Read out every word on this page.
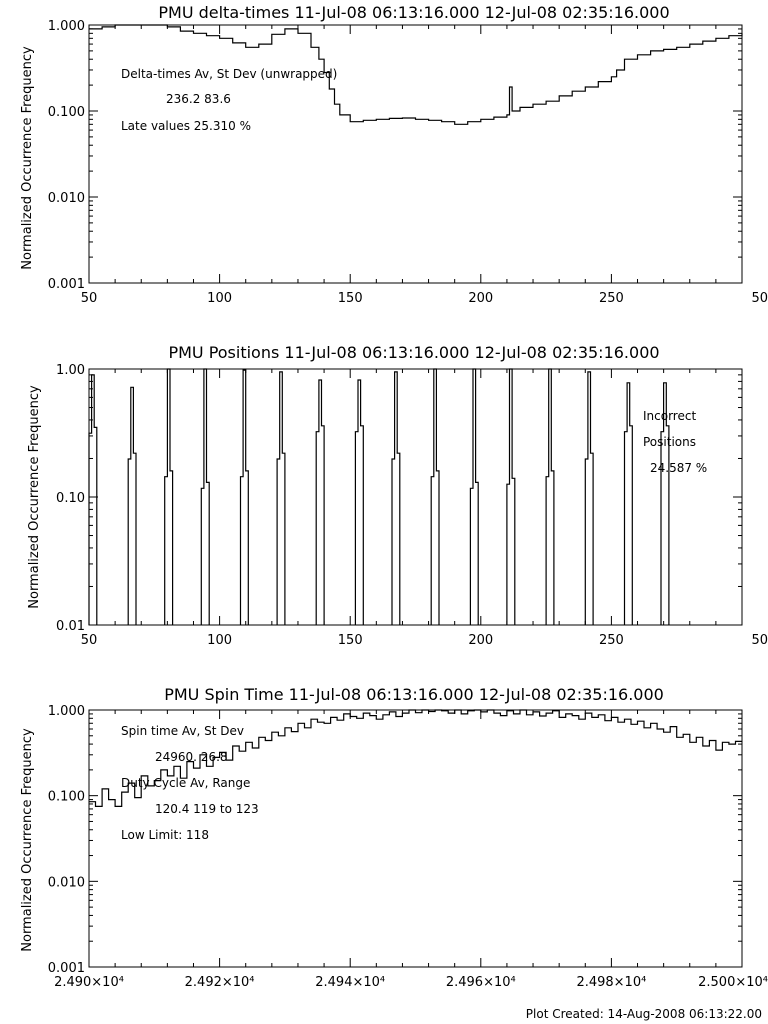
PMU delta-times 11-Jul-08 06:13:16.000 12-Jul-08 02:35:16.000
Normalized Occurrence Frequency
0.001
0.010
0.100
1.000
50	100	150	200	250	50
Delta-times Av, St Dev (unwrapped)
236.2 83.6
Late values 25.310 %
PMU Positions 11-Jul-08 06:13:16.000 12-Jul-08 02:35:16.000
Normalized Occurrence Frequency
0.01
0.10
1.00
50	100	150	200	250	50
Incorrect
Positions
24.587 %
PMU Spin Time 11-Jul-08 06:13:16.000 12-Jul-08 02:35:16.000
Normalized Occurrence Frequency
0.001
0.010
0.100
1.000
2.490×10⁴	2.492×10⁴	2.494×10⁴	2.496×10⁴	2.498×10⁴	2.500×10⁴
Spin time Av, St Dev
24960. 26.8
Duty Cycle Av, Range
120.4 119 to 123
Low Limit: 118
Plot Created: 14-Aug-2008 06:13:22.00
